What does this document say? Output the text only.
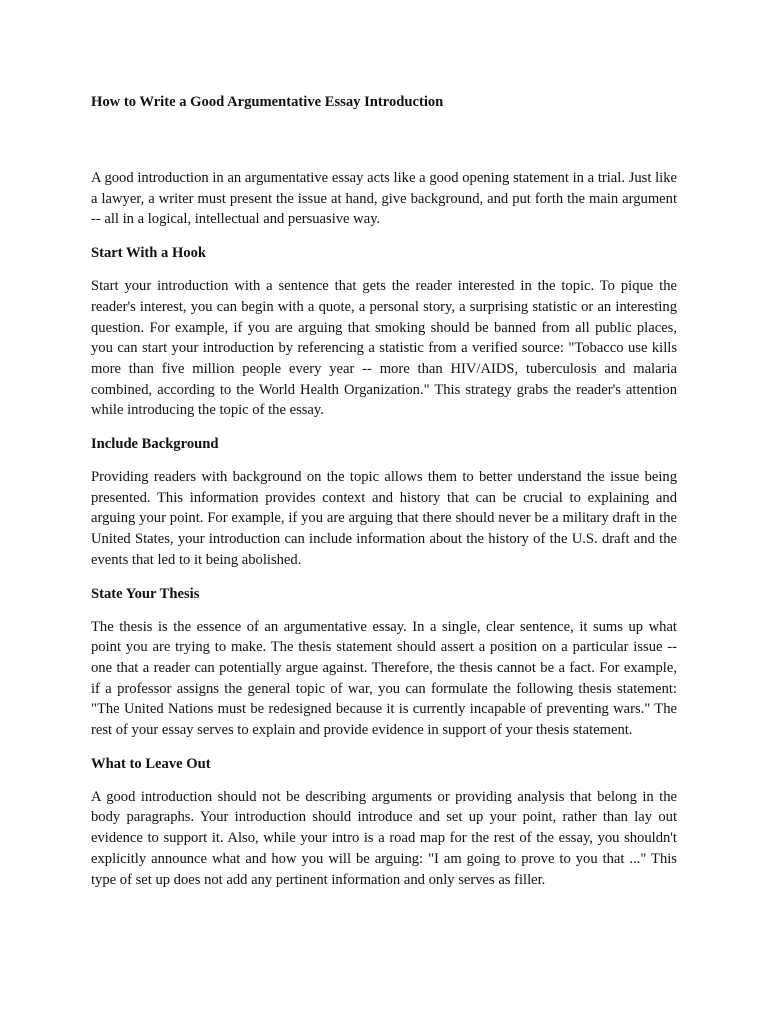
How to Write a Good Argumentative Essay Introduction

A good introduction in an argumentative essay acts like a good opening statement in a trial. Just like a lawyer, a writer must present the issue at hand, give background, and put forth the main argument -- all in a logical, intellectual and persuasive way.

Start With a Hook

Start your introduction with a sentence that gets the reader interested in the topic. To pique the reader's interest, you can begin with a quote, a personal story, a surprising statistic or an interesting question. For example, if you are arguing that smoking should be banned from all public places, you can start your introduction by referencing a statistic from a verified source: "Tobacco use kills more than five million people every year -- more than HIV/AIDS, tuberculosis and malaria combined, according to the World Health Organization." This strategy grabs the reader's attention while introducing the topic of the essay.

Include Background

Providing readers with background on the topic allows them to better understand the issue being presented. This information provides context and history that can be crucial to explaining and arguing your point. For example, if you are arguing that there should never be a military draft in the United States, your introduction can include information about the history of the U.S. draft and the events that led to it being abolished.

State Your Thesis

The thesis is the essence of an argumentative essay. In a single, clear sentence, it sums up what point you are trying to make. The thesis statement should assert a position on a particular issue -- one that a reader can potentially argue against. Therefore, the thesis cannot be a fact. For example, if a professor assigns the general topic of war, you can formulate the following thesis statement: "The United Nations must be redesigned because it is currently incapable of preventing wars." The rest of your essay serves to explain and provide evidence in support of your thesis statement.

What to Leave Out

A good introduction should not be describing arguments or providing analysis that belong in the body paragraphs. Your introduction should introduce and set up your point, rather than lay out evidence to support it. Also, while your intro is a road map for the rest of the essay, you shouldn't explicitly announce what and how you will be arguing: "I am going to prove to you that ..." This type of set up does not add any pertinent information and only serves as filler.
